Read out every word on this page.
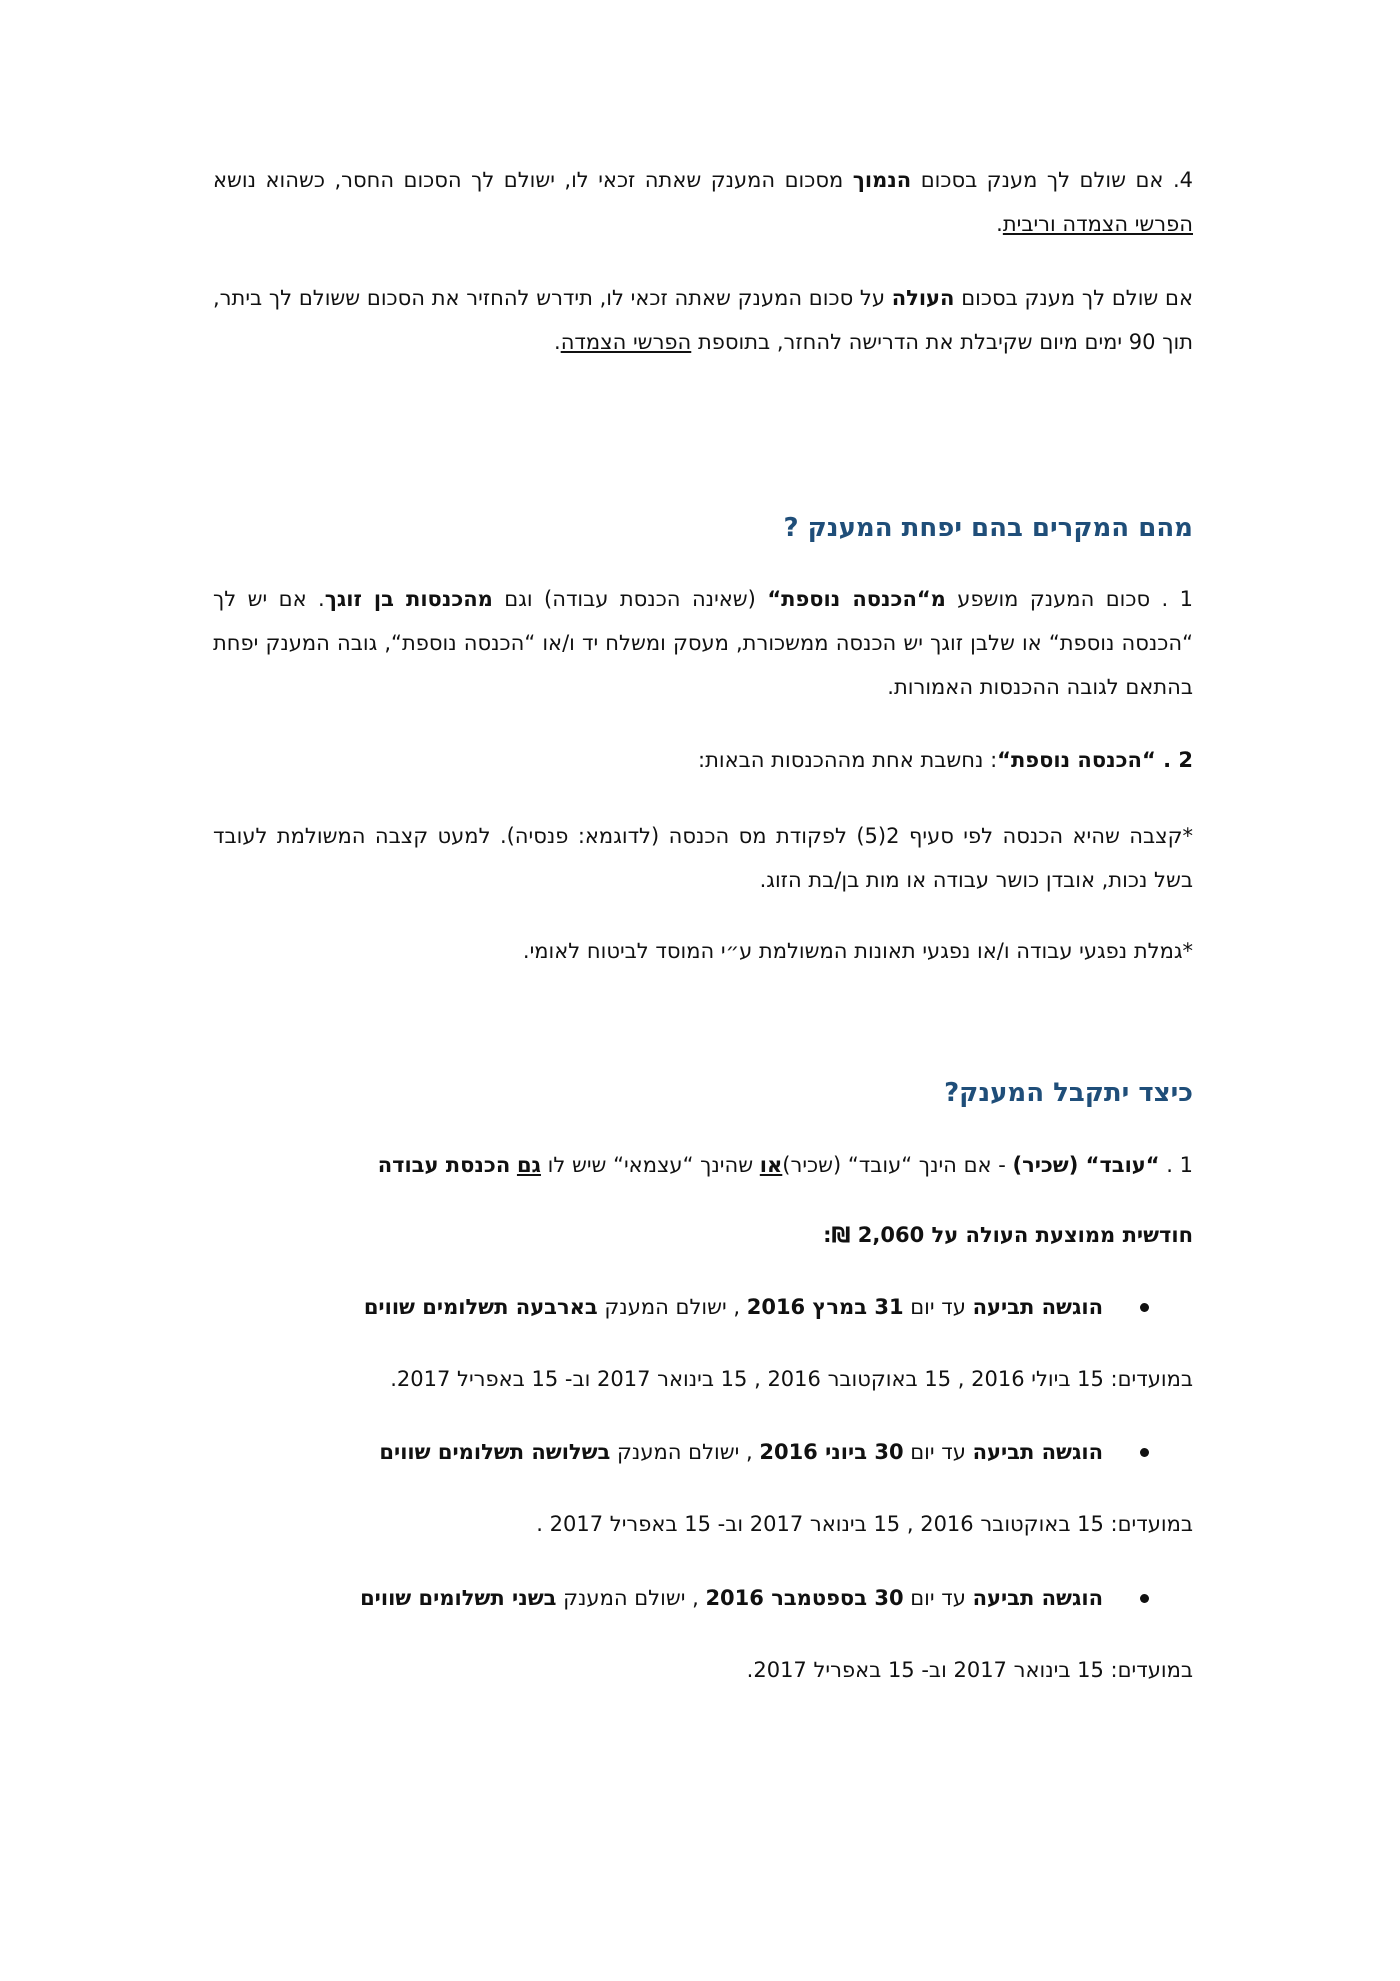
4. אם שולם לך מענק בסכום הנמוך מסכום המענק שאתה זכאי לו, ישולם לך הסכום החסר, כשהוא נושא הפרשי הצמדה וריבית.

אם שולם לך מענק בסכום העולה על סכום המענק שאתה זכאי לו, תידרש להחזיר את הסכום ששולם לך ביתר, תוך 90 ימים מיום שקיבלת את הדרישה להחזר, בתוספת הפרשי הצמדה.

מהם המקרים בהם יפחת המענק ?

1 . סכום המענק מושפע מ“הכנסה נוספת“ (שאינה הכנסת עבודה) וגם מהכנסות בן זוגך. אם יש לך “הכנסה נוספת“ או שלבן זוגך יש הכנסה ממשכורת, מעסק ומשלח יד ו/או “הכנסה נוספת“, גובה המענק יפחת בהתאם לגובה ההכנסות האמורות.

2 . “הכנסה נוספת“: נחשבת אחת מההכנסות הבאות:

*קצבה שהיא הכנסה לפי סעיף 2(5) לפקודת מס הכנסה (לדוגמא: פנסיה). למעט קצבה המשולמת לעובד בשל נכות, אובדן כושר עבודה או מות בן/בת הזוג.

*גמלת נפגעי עבודה ו/או נפגעי תאונות המשולמת ע״י המוסד לביטוח לאומי.

כיצד יתקבל המענק?

1 . “עובד“ (שכיר) - אם הינך “עובד“ (שכיר)או שהינך “עצמאי“ שיש לו גם הכנסת עבודה

חודשית ממוצעת העולה על 2,060 ₪:

הוגשה תביעה עד יום 31 במרץ 2016 , ישולם המענק בארבעה תשלומים שווים

במועדים: 15 ביולי 2016 , 15 באוקטובר 2016 , 15 בינואר 2017 וב- 15 באפריל 2017.

הוגשה תביעה עד יום 30 ביוני 2016 , ישולם המענק בשלושה תשלומים שווים

במועדים: 15 באוקטובר 2016 , 15 בינואר 2017 וב- 15 באפריל 2017 .

הוגשה תביעה עד יום 30 בספטמבר 2016 , ישולם המענק בשני תשלומים שווים

במועדים: 15 בינואר 2017 וב- 15 באפריל 2017.
